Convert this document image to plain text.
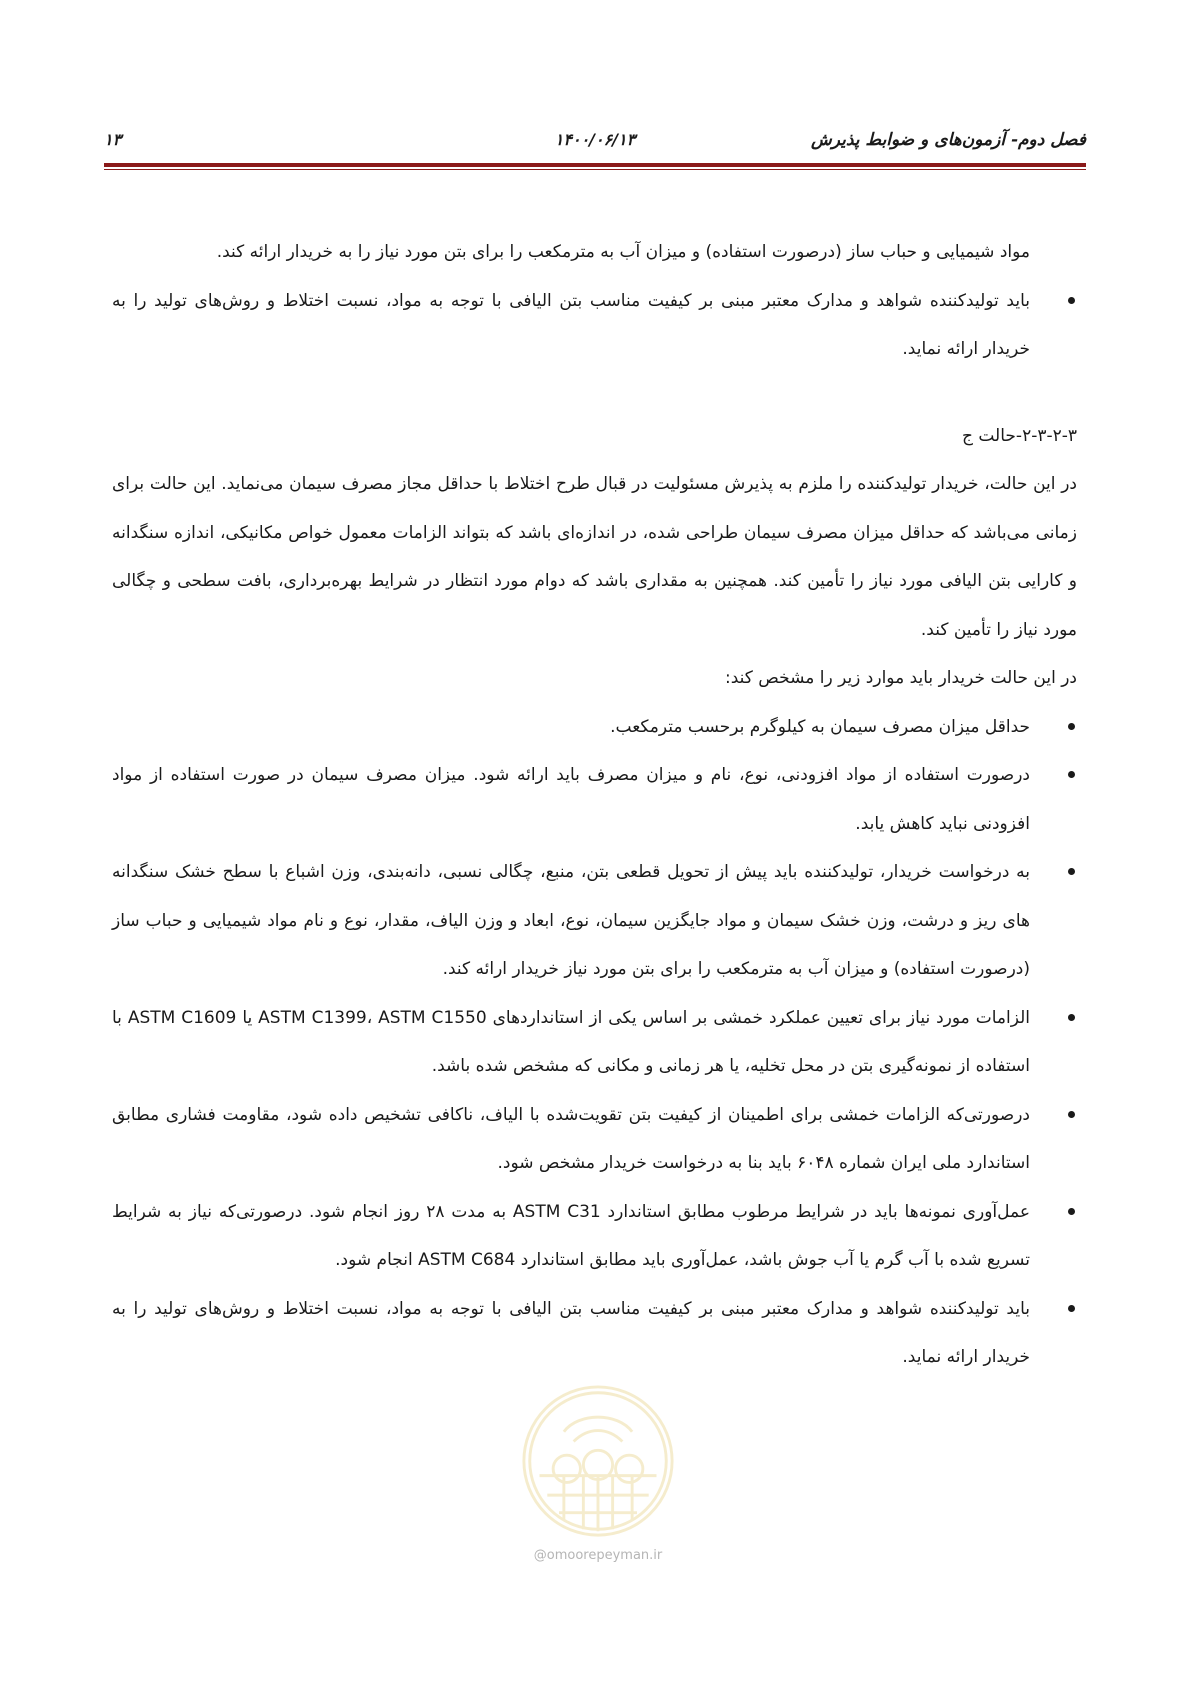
فصل دوم- آزمون‌های و ضوابط پذیرش
۱۴۰۰/۰۶/۱۳
۱۳

مواد شیمیایی و حباب ساز (درصورت استفاده) و میزان آب به مترمکعب را برای بتن مورد نیاز را به خریدار ارائه کند.

باید تولیدکننده شواهد و مدارک معتبر مبنی بر کیفیت مناسب بتن الیافی با توجه به مواد، نسبت اختلاط و روش‌های تولید را به خریدار ارائه نماید.

۲-۳-۲-۳-حالت ج

در این حالت، خریدار تولیدکننده را ملزم به پذیرش مسئولیت در قبال طرح اختلاط با حداقل مجاز مصرف سیمان می‌نماید. این حالت برای زمانی می‌باشد که حداقل میزان مصرف سیمان طراحی شده، در اندازه‌ای باشد که بتواند الزامات معمول خواص مکانیکی، اندازه سنگدانه و کارایی بتن الیافی مورد نیاز را تأمین کند. همچنین به مقداری باشد که دوام مورد انتظار در شرایط بهره‌برداری، بافت سطحی و چگالی مورد نیاز را تأمین کند.

در این حالت خریدار باید موارد زیر را مشخص کند:

حداقل میزان مصرف سیمان به کیلوگرم برحسب مترمکعب.

درصورت استفاده از مواد افزودنی، نوع، نام و میزان مصرف باید ارائه شود. میزان مصرف سیمان در صورت استفاده از مواد افزودنی نباید کاهش یابد.

به درخواست خریدار، تولیدکننده باید پیش از تحویل قطعی بتن، منبع، چگالی نسبی، دانه‌بندی، وزن اشباع با سطح خشک سنگدانه های ریز و درشت، وزن خشک سیمان و مواد جایگزین سیمان، نوع، ابعاد و وزن الیاف، مقدار، نوع و نام مواد شیمیایی و حباب ساز (درصورت استفاده) و میزان آب به مترمکعب را برای بتن مورد نیاز خریدار ارائه کند.

الزامات مورد نیاز برای تعیین عملکرد خمشی بر اساس یکی از استانداردهای ASTM C1399، ASTM C1550 یا ASTM C1609 با استفاده از نمونه‌گیری بتن در محل تخلیه، یا هر زمانی و مکانی که مشخص شده باشد.

درصورتی‌که الزامات خمشی برای اطمینان از کیفیت بتن تقویت‌شده با الیاف، ناکافی تشخیص داده شود، مقاومت فشاری مطابق استاندارد ملی ایران شماره ۶۰۴۸ باید بنا به درخواست خریدار مشخص شود.

عمل‌آوری نمونه‌ها باید در شرایط مرطوب مطابق استاندارد ASTM C31 به مدت ۲۸ روز انجام شود. درصورتی‌که نیاز به شرایط تسریع شده با آب گرم یا آب جوش باشد، عمل‌آوری باید مطابق استاندارد ASTM C684 انجام شود.

باید تولیدکننده شواهد و مدارک معتبر مبنی بر کیفیت مناسب بتن الیافی با توجه به مواد، نسبت اختلاط و روش‌های تولید را به خریدار ارائه نماید.

@omoorepeyman.ir
